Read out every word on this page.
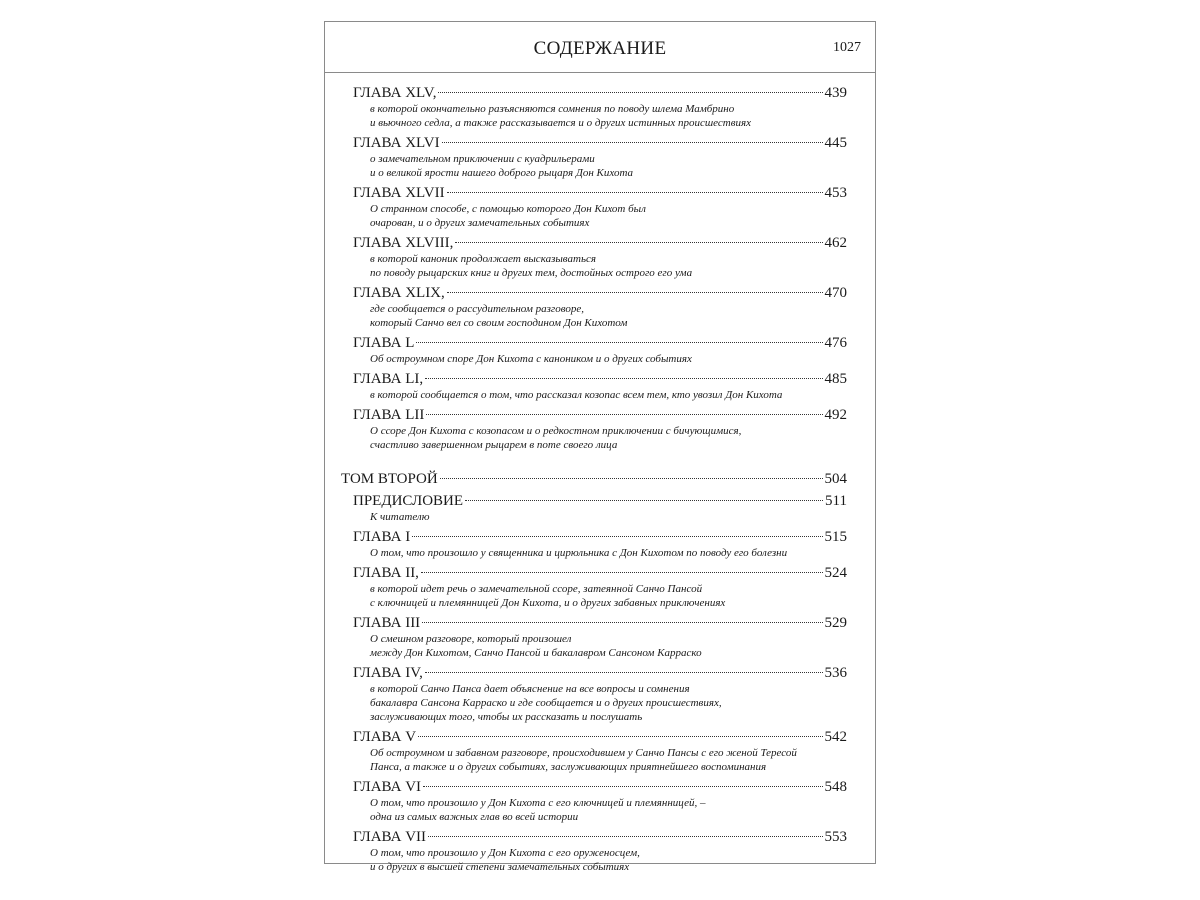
СОДЕРЖАНИЕ	1027
ГЛАВА XLV,	439
в которой окончательно разъясняются сомнения по поводу шлема Мамбрино
и вьючного седла, а также рассказывается и о других истинных происшествиях
ГЛАВА XLVI	445
о замечательном приключении с куадрильерами
и о великой ярости нашего доброго рыцаря Дон Кихота
ГЛАВА XLVII	453
О странном способе, с помощью которого Дон Кихот был
очарован, и о других замечательных событиях
ГЛАВА XLVIII,	462
в которой каноник продолжает высказываться
по поводу рыцарских книг и других тем, достойных острого его ума
ГЛАВА XLIX,	470
где сообщается о рассудительном разговоре,
который Санчо вел со своим господином Дон Кихотом
ГЛАВА L	476
Об остроумном споре Дон Кихота с каноником и о других событиях
ГЛАВА LI,	485
в которой сообщается о том, что рассказал козопас всем тем, кто увозил Дон Кихота
ГЛАВА LII	492
О ссоре Дон Кихота с козопасом и о редкостном приключении с бичующимися,
счастливо завершенном рыцарем в поте своего лица
ТОМ ВТОРОЙ	504
ПРЕДИСЛОВИЕ	511
К читателю
ГЛАВА I	515
О том, что произошло у священника и цирюльника с Дон Кихотом по поводу его болезни
ГЛАВА II,	524
в которой идет речь о замечательной ссоре, затеянной Санчо Пансой
с ключницей и племянницей Дон Кихота, и о других забавных приключениях
ГЛАВА III	529
О смешном разговоре, который произошел
между Дон Кихотом, Санчо Пансой и бакалавром Сансоном Карраско
ГЛАВА IV,	536
в которой Санчо Панса дает объяснение на все вопросы и сомнения
бакалавра Сансона Карраско и где сообщается и о других происшествиях,
заслуживающих того, чтобы их рассказать и послушать
ГЛАВА V	542
Об остроумном и забавном разговоре, происходившем у Санчо Пансы с его женой Тересой
Панса, а также и о других событиях, заслуживающих приятнейшего воспоминания
ГЛАВА VI	548
О том, что произошло у Дон Кихота с его ключницей и племянницей, –
одна из самых важных глав во всей истории
ГЛАВА VII	553
О том, что произошло у Дон Кихота с его оруженосцем,
и о других в высшей степени замечательных событиях
